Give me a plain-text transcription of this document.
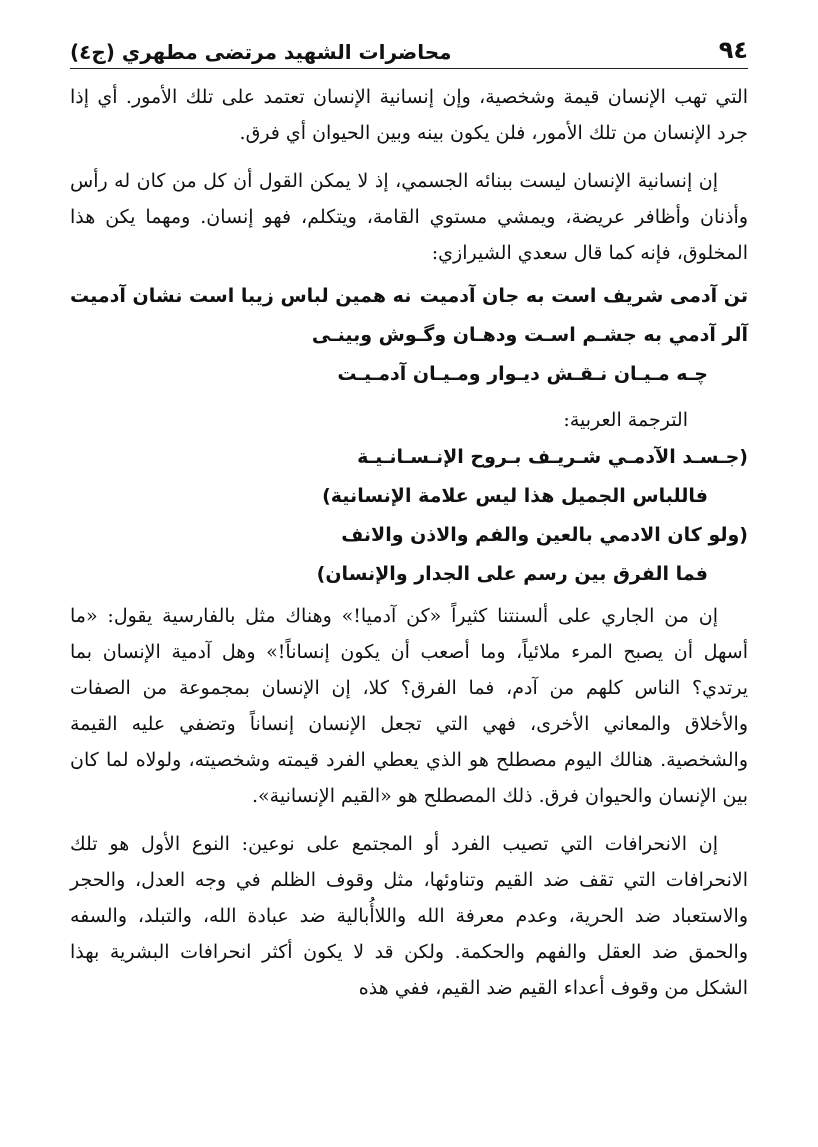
٩٤
محاضرات الشهيد مرتضى مطهري (ج٤)

التي تهب الإنسان قيمة وشخصية، وإن إنسانية الإنسان تعتمد على تلك الأمور. أي إذا جرد الإنسان من تلك الأمور، فلن يكون بينه وبين الحيوان أي فرق.

إن إنسانية الإنسان ليست ببنائه الجسمي، إذ لا يمكن القول أن كل من كان له رأس وأذنان وأظافر عريضة، ويمشي مستوي القامة، ويتكلم، فهو إنسان. ومهما يكن هذا المخلوق، فإنه كما قال سعدي الشيرازي:

تن آدمی شريف است به جان آدميت
نه همين لباس زيبا است نشان آدميت
آلر آدمي به جشـم اسـت ودهـان وگـوش وبينـى
چـه مـيـان نـقـش ديـوار ومـيـان آدمـيـت
الترجمة العربية:
(جـسـد الآدمـي شـريـف بـروح الإنـسـانـيـة
فاللباس الجميل هذا ليس علامة الإنسانية)
(ولو كان الادمي بالعين والفم والاذن والانف
فما الفرق بين رسم على الجدار والإنسان)

إن من الجاري على ألسنتنا كثيراً «كن آدميا!» وهناك مثل بالفارسية يقول: «ما أسهل أن يصبح المرء ملائياً، وما أصعب أن يكون إنساناً!» وهل آدمية الإنسان بما يرتدي؟ الناس كلهم من آدم، فما الفرق؟ كلا، إن الإنسان بمجموعة من الصفات والأخلاق والمعاني الأخرى، فهي التي تجعل الإنسان إنساناً وتضفي عليه القيمة والشخصية. هنالك اليوم مصطلح هو الذي يعطي الفرد قيمته وشخصيته، ولولاه لما كان بين الإنسان والحيوان فرق. ذلك المصطلح هو «القيم الإنسانية».

إن الانحرافات التي تصيب الفرد أو المجتمع على نوعين: النوع الأول هو تلك الانحرافات التي تقف ضد القيم وتناوئها، مثل وقوف الظلم في وجه العدل، والحجر والاستعباد ضد الحرية، وعدم معرفة الله واللاأُبالية ضد عبادة الله، والتبلد، والسفه والحمق ضد العقل والفهم والحكمة. ولكن قد لا يكون أكثر انحرافات البشرية بهذا الشكل من وقوف أعداء القيم ضد القيم، ففي هذه
